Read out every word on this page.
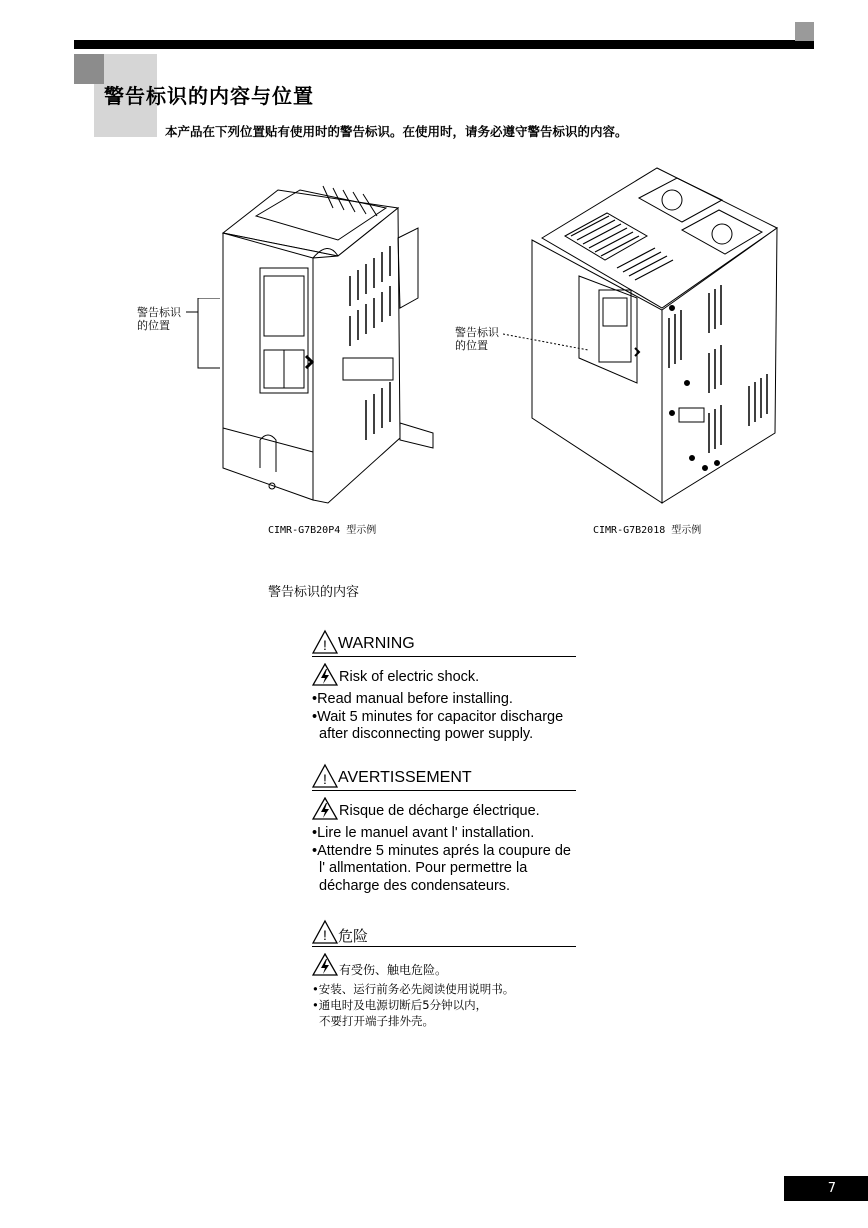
警告标识的内容与位置
本产品在下列位置贴有使用时的警告标识。在使用时，请务必遵守警告标识的内容。
警告标识
的位置
CIMR-G7B20P4 型示例
警告标识
的位置
CIMR-G7B2018 型示例
警告标识的内容
! WARNING
Risk of electric shock.
•Read manual before installing.
•Wait 5 minutes for capacitor discharge
after disconnecting power supply.
! AVERTISSEMENT
Risque de décharge électrique.
•Lire le manuel avant l' installation.
•Attendre 5 minutes aprés la coupure de
l' allmentation. Pour permettre la
décharge des condensateurs.
! 危险
有受伤、触电危险。
•安装、运行前务必先阅读使用说明书。
•通电时及电源切断后5分钟以内，
不要打开端子排外壳。
7
